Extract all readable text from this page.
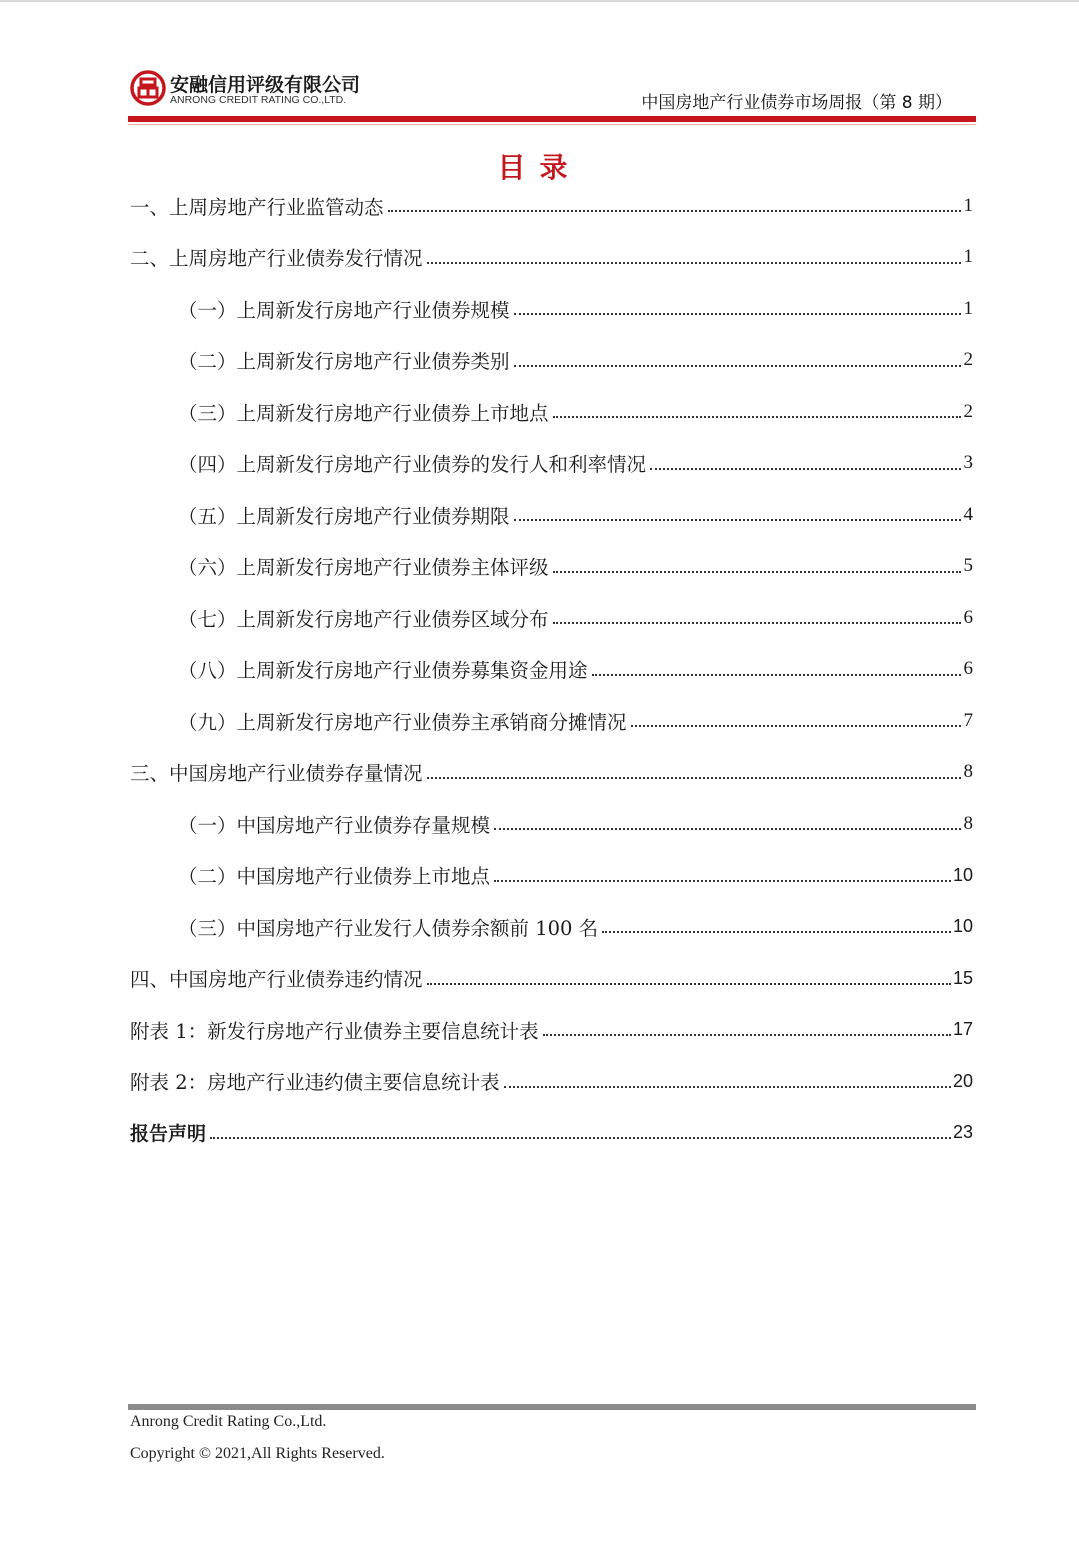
安融信用评级有限公司
ANRONG CREDIT RATING CO.,LTD.	中国房地产行业债券市场周报（第 8 期）
目录
一、上周房地产行业监管动态	1
二、上周房地产行业债券发行情况	1
（一）上周新发行房地产行业债券规模	1
（二）上周新发行房地产行业债券类别	2
（三）上周新发行房地产行业债券上市地点	2
（四）上周新发行房地产行业债券的发行人和利率情况	3
（五）上周新发行房地产行业债券期限	4
（六）上周新发行房地产行业债券主体评级	5
（七）上周新发行房地产行业债券区域分布	6
（八）上周新发行房地产行业债券募集资金用途	6
（九）上周新发行房地产行业债券主承销商分摊情况	7
三、中国房地产行业债券存量情况	8
（一）中国房地产行业债券存量规模	8
（二）中国房地产行业债券上市地点	10
（三）中国房地产行业发行人债券余额前 100 名	10
四、中国房地产行业债券违约情况	15
附表 1：新发行房地产行业债券主要信息统计表	17
附表 2：房地产行业违约债主要信息统计表	20
报告声明	23
Anrong Credit Rating Co.,Ltd.
Copyright © 2021,All Rights Reserved.
